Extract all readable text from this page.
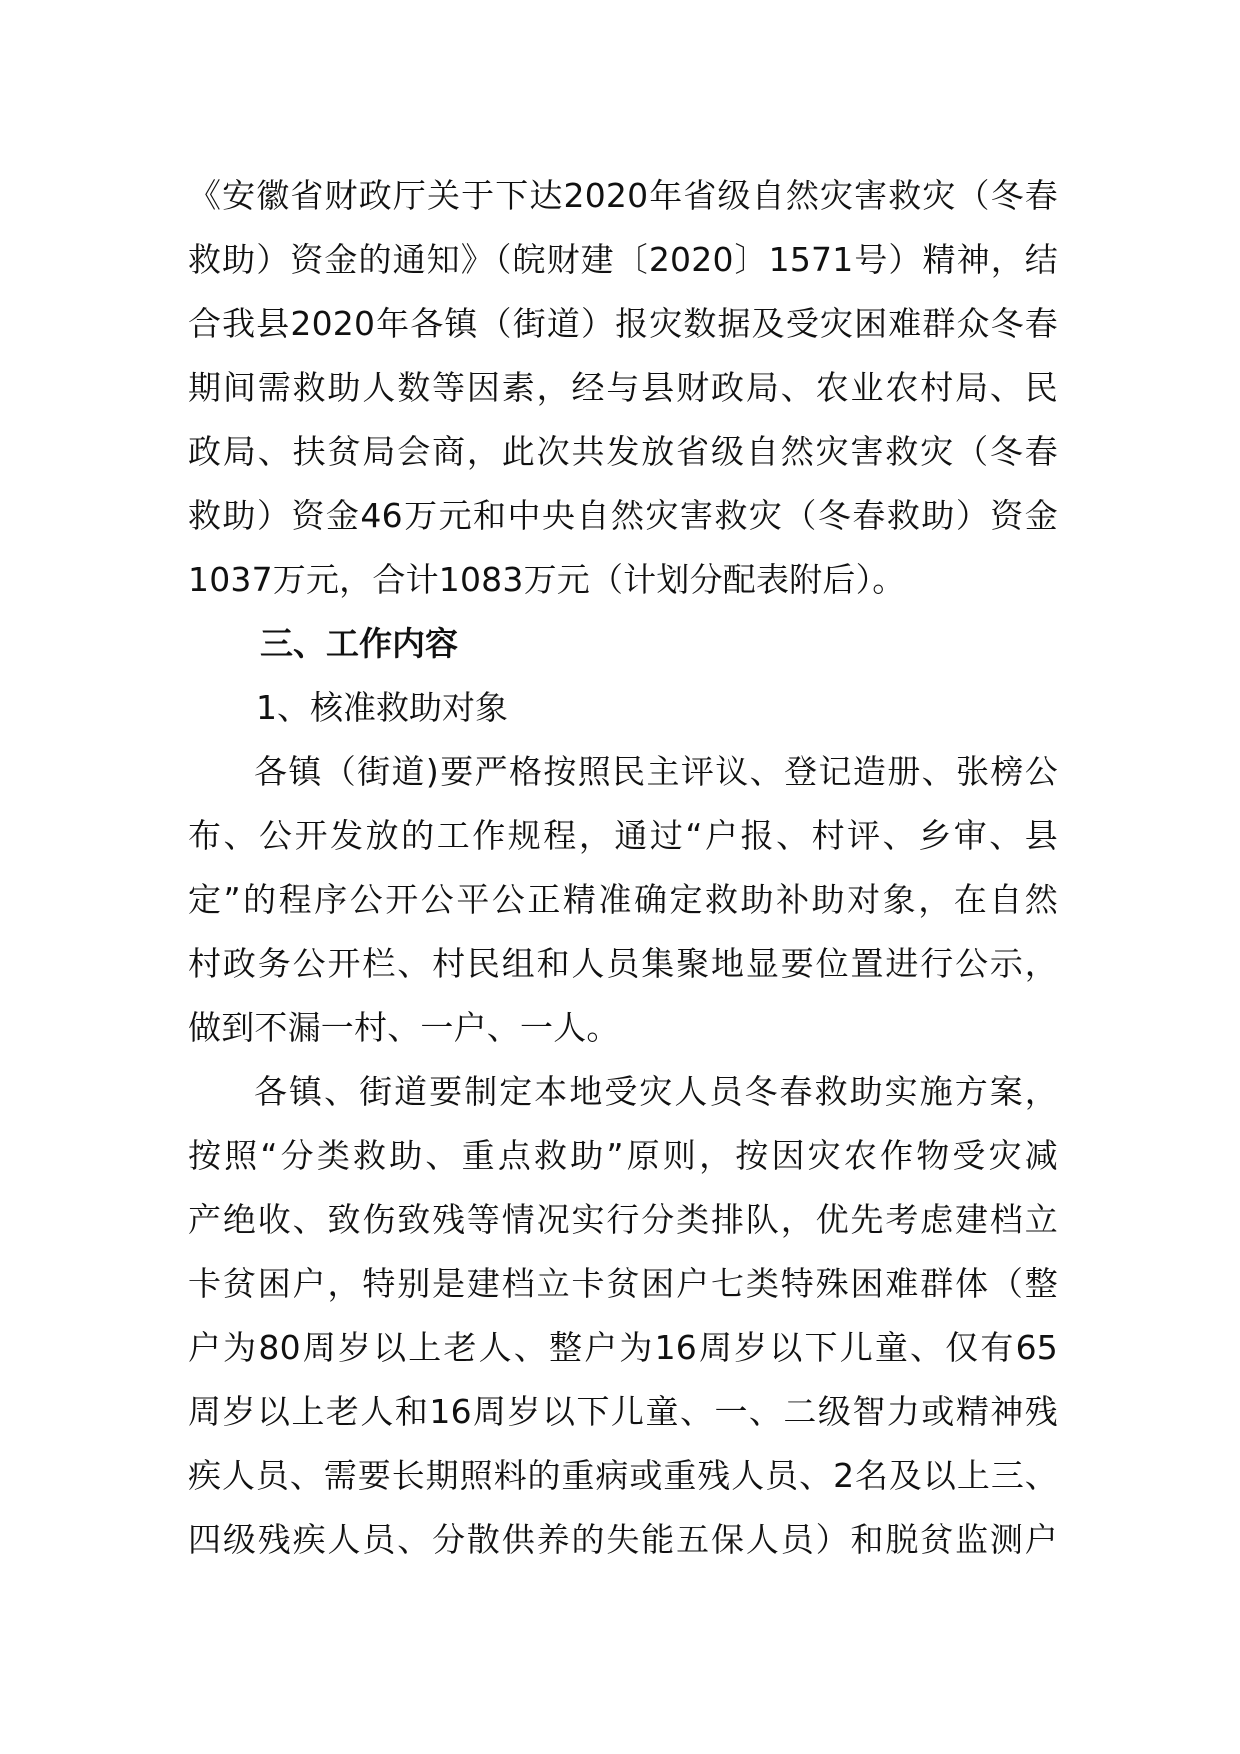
《安徽省财政厅关于下达2020年省级自然灾害救灾（冬春
救助）资金的通知》（皖财建〔2020〕1571号）精神，结
合我县2020年各镇（街道）报灾数据及受灾困难群众冬春
期间需救助人数等因素，经与县财政局、农业农村局、民
政局、扶贫局会商，此次共发放省级自然灾害救灾（冬春
救助）资金46万元和中央自然灾害救灾（冬春救助）资金
1037万元，合计1083万元（计划分配表附后）。
三、工作内容
1、核准救助对象
各镇（街道)要严格按照民主评议、登记造册、张榜公
布、公开发放的工作规程，通过“户报、村评、乡审、县
定”的程序公开公平公正精准确定救助补助对象，在自然
村政务公开栏、村民组和人员集聚地显要位置进行公示，
做到不漏一村、一户、一人。
各镇、街道要制定本地受灾人员冬春救助实施方案，
按照“分类救助、重点救助”原则，按因灾农作物受灾减
产绝收、致伤致残等情况实行分类排队，优先考虑建档立
卡贫困户，特别是建档立卡贫困户七类特殊困难群体（整
户为80周岁以上老人、整户为16周岁以下儿童、仅有65
周岁以上老人和16周岁以下儿童、一、二级智力或精神残
疾人员、需要长期照料的重病或重残人员、2名及以上三、
四级残疾人员、分散供养的失能五保人员）和脱贫监测户
